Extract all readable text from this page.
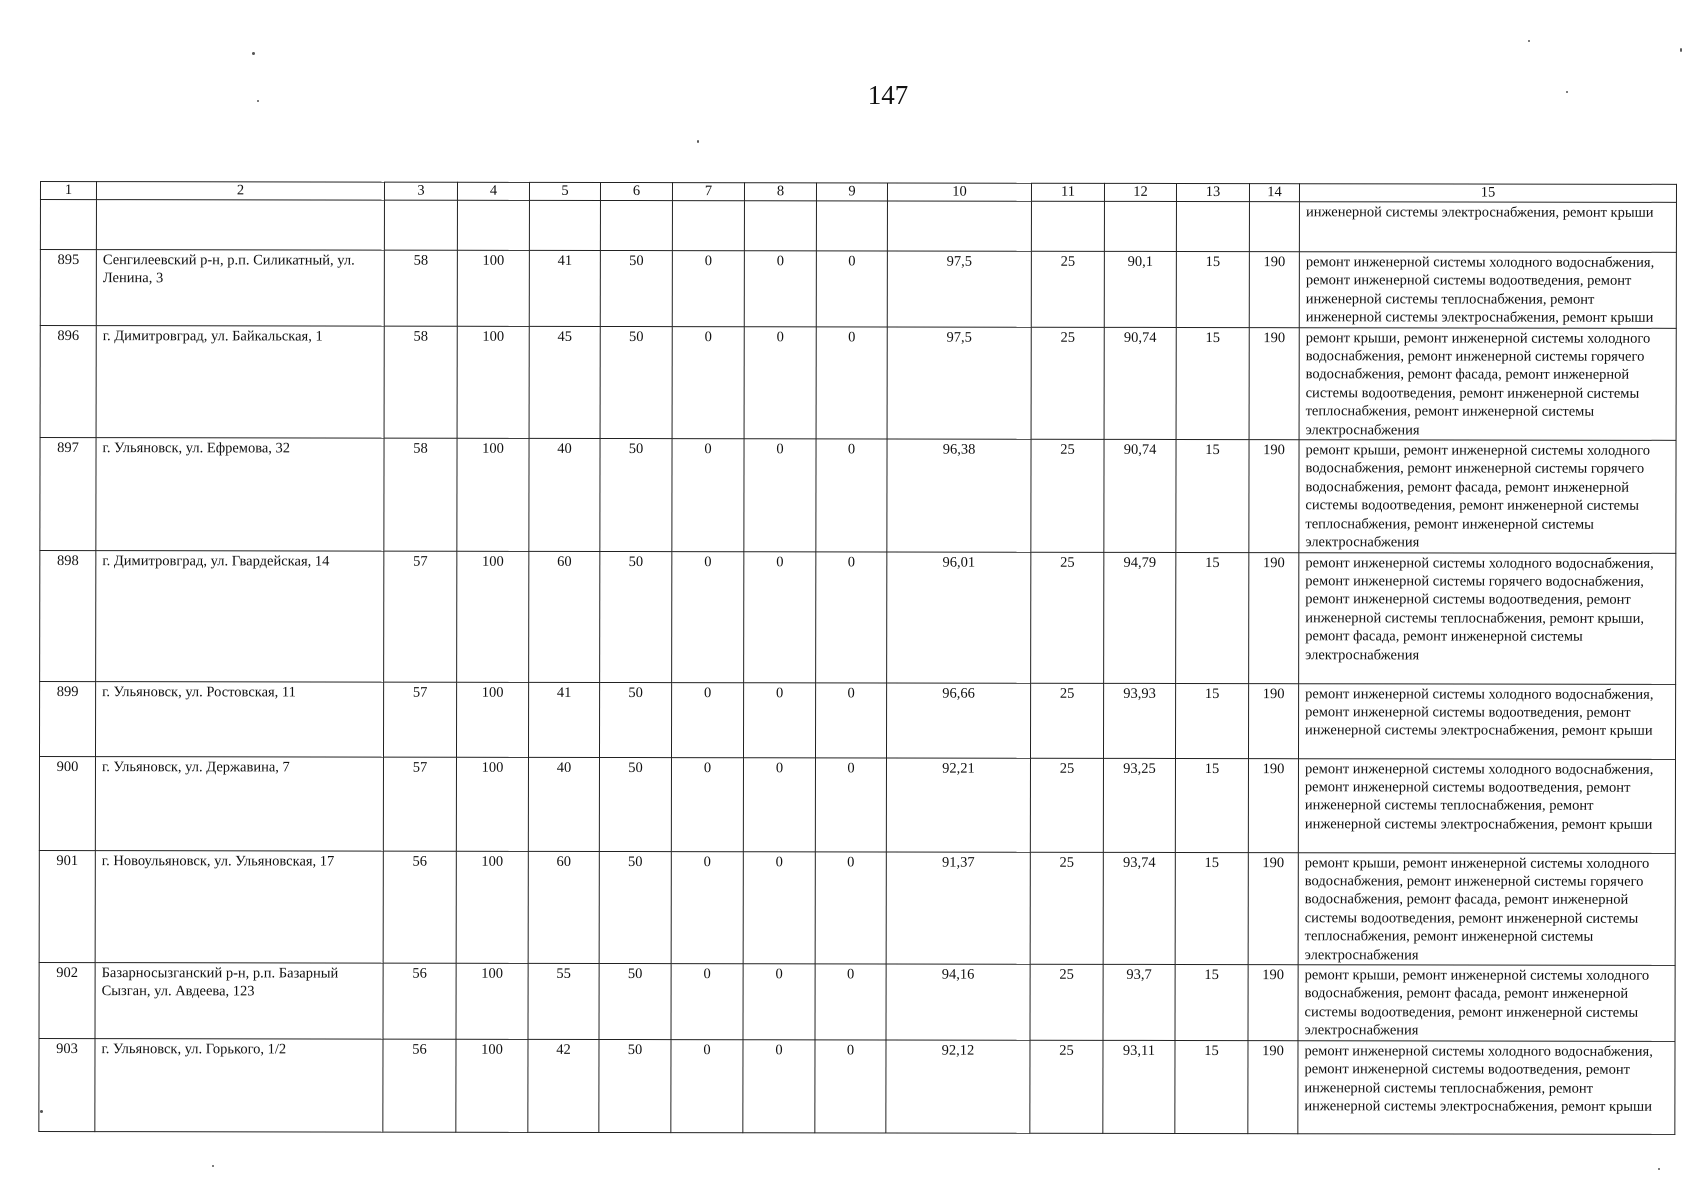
147
1	2	3	4	5	6	7	8	9	10	11	12	13	14	15
														инженерной системы электроснабжения, ремонт крыши
895	Сенгилеевский р-н, р.п. Силикатный, ул. Ленина, 3	58	100	41	50	0	0	0	97,5	25	90,1	15	190	ремонт инженерной системы холодного водоснабжения, ремонт инженерной системы водоотведения, ремонт инженерной системы теплоснабжения, ремонт инженерной системы электроснабжения, ремонт крыши
896	г. Димитровград, ул. Байкальская, 1	58	100	45	50	0	0	0	97,5	25	90,74	15	190	ремонт крыши, ремонт инженерной системы холодного водоснабжения, ремонт инженерной системы горячего водоснабжения, ремонт фасада, ремонт инженерной системы водоотведения, ремонт инженерной системы теплоснабжения, ремонт инженерной системы электроснабжения
897	г. Ульяновск, ул. Ефремова, 32	58	100	40	50	0	0	0	96,38	25	90,74	15	190	ремонт крыши, ремонт инженерной системы холодного водоснабжения, ремонт инженерной системы горячего водоснабжения, ремонт фасада, ремонт инженерной системы водоотведения, ремонт инженерной системы теплоснабжения, ремонт инженерной системы электроснабжения
898	г. Димитровград, ул. Гвардейская, 14	57	100	60	50	0	0	0	96,01	25	94,79	15	190	ремонт инженерной системы холодного водоснабжения, ремонт инженерной системы горячего водоснабжения, ремонт инженерной системы водоотведения, ремонт инженерной системы теплоснабжения, ремонт крыши, ремонт фасада, ремонт инженерной системы электроснабжения
899	г. Ульяновск, ул. Ростовская, 11	57	100	41	50	0	0	0	96,66	25	93,93	15	190	ремонт инженерной системы холодного водоснабжения, ремонт инженерной системы водоотведения, ремонт инженерной системы электроснабжения, ремонт крыши
900	г. Ульяновск, ул. Державина, 7	57	100	40	50	0	0	0	92,21	25	93,25	15	190	ремонт инженерной системы холодного водоснабжения, ремонт инженерной системы водоотведения, ремонт инженерной системы теплоснабжения, ремонт инженерной системы электроснабжения, ремонт крыши
901	г. Новоульяновск, ул. Ульяновская, 17	56	100	60	50	0	0	0	91,37	25	93,74	15	190	ремонт крыши, ремонт инженерной системы холодного водоснабжения, ремонт инженерной системы горячего водоснабжения, ремонт фасада, ремонт инженерной системы водоотведения, ремонт инженерной системы теплоснабжения, ремонт инженерной системы электроснабжения
902	Базарносызганский р-н, р.п. Базарный Сызган, ул. Авдеева, 123	56	100	55	50	0	0	0	94,16	25	93,7	15	190	ремонт крыши, ремонт инженерной системы холодного водоснабжения, ремонт фасада, ремонт инженерной системы водоотведения, ремонт инженерной системы электроснабжения
903	г. Ульяновск, ул. Горького, 1/2	56	100	42	50	0	0	0	92,12	25	93,11	15	190	ремонт инженерной системы холодного водоснабжения, ремонт инженерной системы водоотведения, ремонт инженерной системы теплоснабжения, ремонт инженерной системы электроснабжения, ремонт крыши
